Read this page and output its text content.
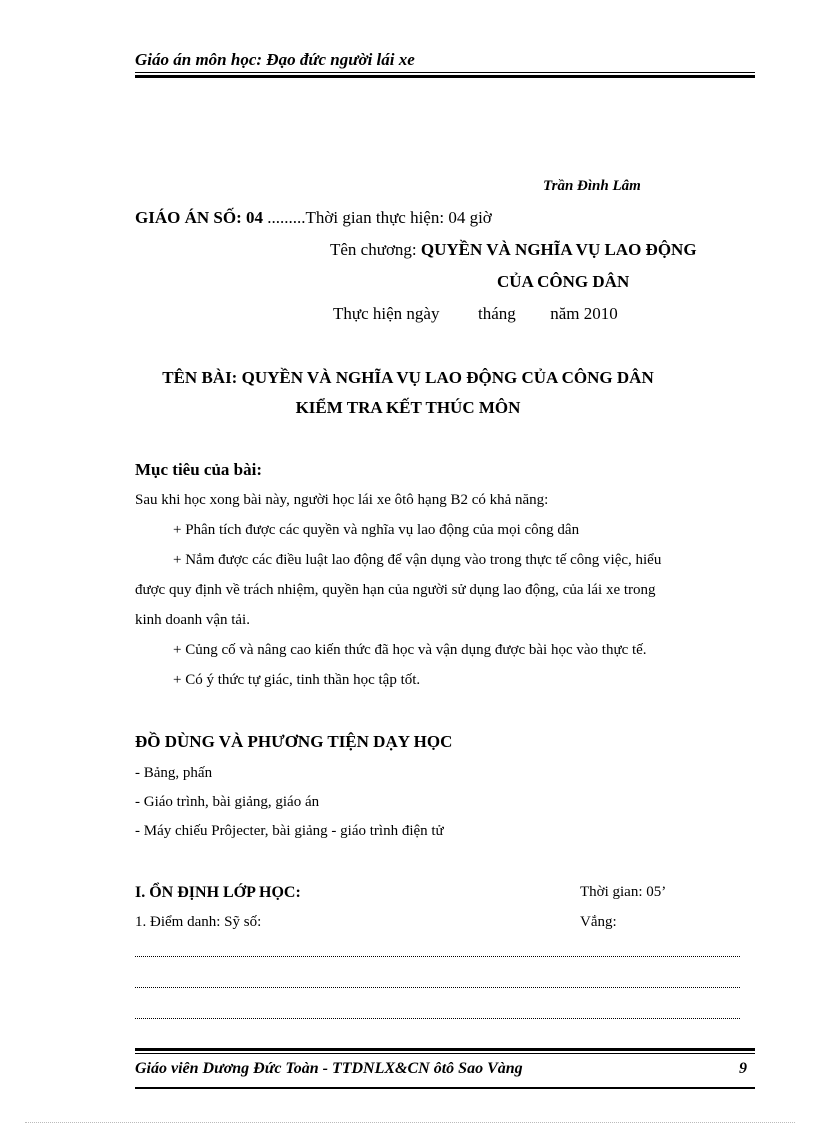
Giáo án môn học: Đạo đức người lái xe
Trần Đình Lâm
GIÁO ÁN SỐ: 04 .........Thời gian thực hiện: 04 giờ
Tên chương: QUYỀN VÀ NGHĨA VỤ LAO ĐỘNG
CỦA CÔNG DÂN
Thực hiện ngày tháng năm 2010
TÊN BÀI: QUYỀN VÀ NGHĨA VỤ LAO ĐỘNG CỦA CÔNG DÂN
KIỂM TRA KẾT THÚC MÔN
Mục tiêu của bài:
Sau khi học xong bài này, người học lái xe ôtô hạng B2 có khả năng:
+ Phân tích được các quyền và nghĩa vụ lao động của mọi công dân
+ Nắm được các điều luật lao động để vận dụng vào trong thực tế công việc, hiểu
được quy định về trách nhiệm, quyền hạn của người sử dụng lao động, của lái xe trong
kinh doanh vận tải.
+ Củng cố và nâng cao kiến thức đã học và vận dụng được bài học vào thực tế.
+ Có ý thức tự giác, tinh thần học tập tốt.
ĐỒ DÙNG VÀ PHƯƠNG TIỆN DẠY HỌC
- Bảng, phấn
- Giáo trình, bài giảng, giáo án
- Máy chiếu Prôjecter, bài giảng - giáo trình điện tử
I. ỔN ĐỊNH LỚP HỌC:	Thời gian: 05’
1. Điểm danh: Sỹ số:	Vắng:
Giáo viên Dương Đức Toàn - TTDNLX&CN ôtô Sao Vàng	9
